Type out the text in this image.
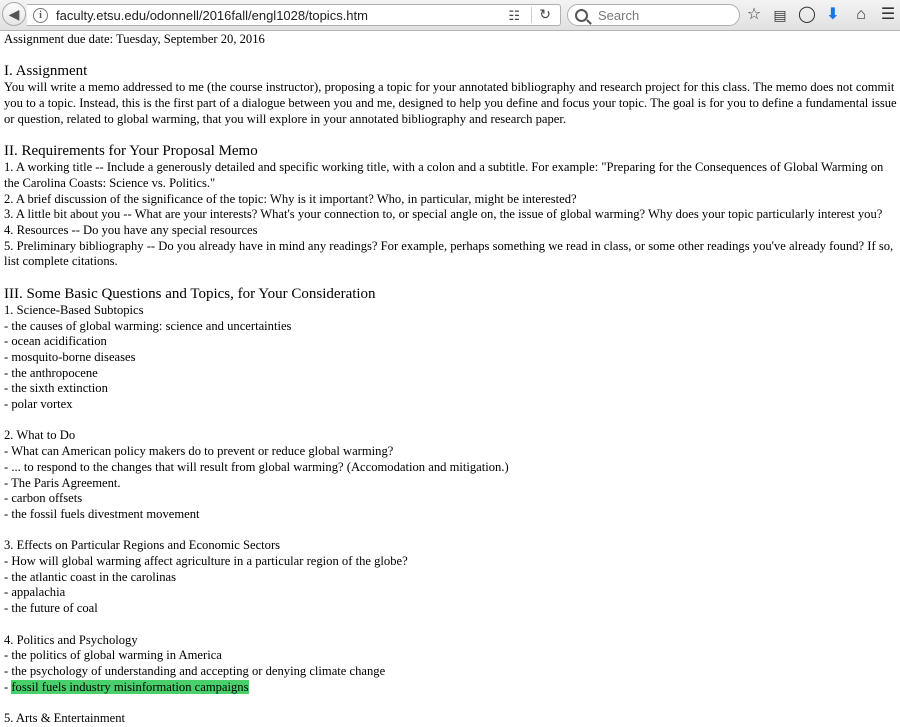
◀	i	faculty.etsu.edu/odonnell/2016fall/engl1028/topics.htm	☷ ↻	Search	☆ ▤ ◯ ⬇	⌂ ☰

Assignment due date: Tuesday, September 20, 2016

I. Assignment

You will write a memo addressed to me (the course instructor), proposing a topic for your annotated bibliography and research project for this class. The memo does not commit you to a topic. Instead, this is the first part of a dialogue between you and me, designed to help you define and focus your topic. The goal is for you to define a fundamental issue or question, related to global warming, that you will explore in your annotated bibliography and research paper.

II. Requirements for Your Proposal Memo

1. A working title -- Include a generously detailed and specific working title, with a colon and a subtitle. For example: "Preparing for the Consequences of Global Warming on the Carolina Coasts: Science vs. Politics."

2. A brief discussion of the significance of the topic: Why is it important? Who, in particular, might be interested?

3. A little bit about you -- What are your interests? What's your connection to, or special angle on, the issue of global warming? Why does your topic particularly interest you?

4. Resources -- Do you have any special resources

5. Preliminary bibliography -- Do you already have in mind any readings? For example, perhaps something we read in class, or some other readings you've already found? If so, list complete citations.

III. Some Basic Questions and Topics, for Your Consideration

1. Science-Based Subtopics

- the causes of global warming: science and uncertainties

- ocean acidification

- mosquito-borne diseases

- the anthropocene

- the sixth extinction

- polar vortex

2. What to Do

- What can American policy makers do to prevent or reduce global warming?

- ... to respond to the changes that will result from global warming? (Accomodation and mitigation.)

- The Paris Agreement.

- carbon offsets

- the fossil fuels divestment movement

3. Effects on Particular Regions and Economic Sectors

- How will global warming affect agriculture in a particular region of the globe?

- the atlantic coast in the carolinas

- appalachia

- the future of coal

4. Politics and Psychology

- the politics of global warming in America

- the psychology of understanding and accepting or denying climate change

- fossil fuels industry misinformation campaigns

5. Arts & Entertainment
